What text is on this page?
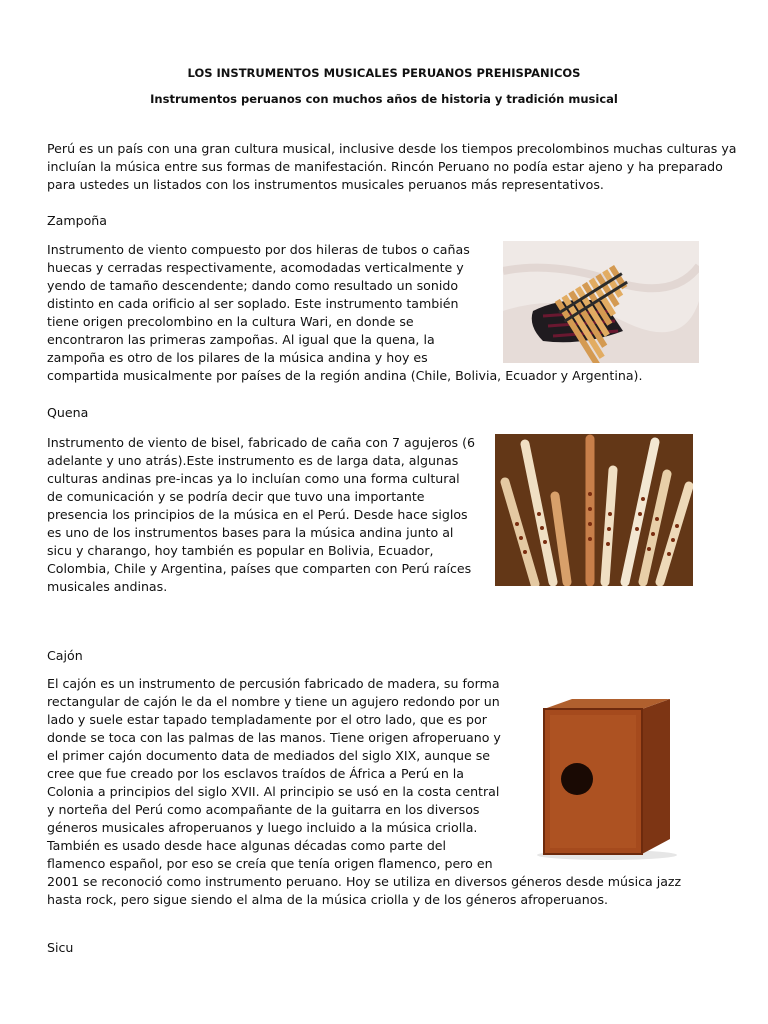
LOS INSTRUMENTOS MUSICALES PERUANOS PREHISPANICOS
Instrumentos peruanos con muchos años de historia y tradición musical

Perú es un país con una gran cultura musical, inclusive desde los tiempos precolombinos muchas culturas ya incluían la música entre sus formas de manifestación. Rincón Peruano no podía estar ajeno y ha preparado para ustedes un listados con los instrumentos musicales peruanos más representativos.

Zampoña

Instrumento de viento compuesto por dos hileras de tubos o cañas huecas y cerradas respectivamente, acomodadas verticalmente y yendo de tamaño descendente; dando como resultado un sonido distinto en cada orificio al ser soplado. Este instrumento también tiene origen precolombino en la cultura Wari, en donde se encontraron las primeras zampoñas. Al igual que la quena, la zampoña es otro de los pilares de la música andina y hoy es compartida musicalmente por países de la región andina (Chile, Bolivia, Ecuador y Argentina).

Quena

Instrumento de viento de bisel, fabricado de caña con 7 agujeros (6 adelante y uno atrás).Este instrumento es de larga data, algunas culturas andinas pre-incas ya lo incluían como una forma cultural de comunicación y se podría decir que tuvo una importante presencia los principios de la música en el Perú. Desde hace siglos es uno de los instrumentos bases para la música andina junto al sicu y charango, hoy también es popular en Bolivia, Ecuador, Colombia, Chile y Argentina, países que comparten con Perú raíces musicales andinas.

Cajón

El cajón es un instrumento de percusión fabricado de madera, su forma rectangular de cajón le da el nombre y tiene un agujero redondo por un lado y suele estar tapado templadamente por el otro lado, que es por donde se toca con las palmas de las manos. Tiene origen afroperuano y el primer cajón documento data de mediados del siglo XIX, aunque se cree que fue creado por los esclavos traídos de África a Perú en la Colonia a principios del siglo XVII. Al principio se usó en la costa central y norteña del Perú como acompañante de la guitarra en los diversos géneros musicales afroperuanos y luego incluido a la música criolla. También es usado desde hace algunas décadas como parte del flamenco español, por eso se creía que tenía origen flamenco, pero en 2001 se reconoció como instrumento peruano. Hoy se utiliza en diversos géneros desde música jazz hasta rock, pero sigue siendo el alma de la música criolla y de los géneros afroperuanos.

Sicu
